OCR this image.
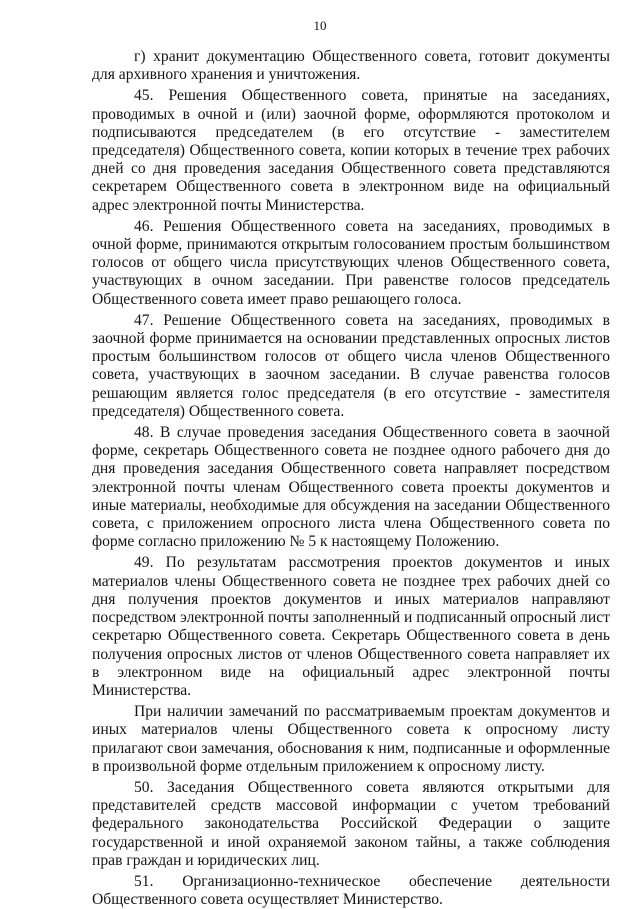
10

г) хранит документацию Общественного совета, готовит документы для архивного хранения и уничтожения.

45. Решения Общественного совета, принятые на заседаниях, проводимых в очной и (или) заочной форме, оформляются протоколом и подписываются председателем (в его отсутствие - заместителем председателя) Общественного совета, копии которых в течение трех рабочих дней со дня проведения заседания Общественного совета представляются секретарем Общественного совета в электронном виде на официальный адрес электронной почты Министерства.

46. Решения Общественного совета на заседаниях, проводимых в очной форме, принимаются открытым голосованием простым большинством голосов от общего числа присутствующих членов Общественного совета, участвующих в очном заседании. При равенстве голосов председатель Общественного совета имеет право решающего голоса.

47. Решение Общественного совета на заседаниях, проводимых в заочной форме принимается на основании представленных опросных листов простым большинством голосов от общего числа членов Общественного совета, участвующих в заочном заседании. В случае равенства голосов решающим является голос председателя (в его отсутствие - заместителя председателя) Общественного совета.

48. В случае проведения заседания Общественного совета в заочной форме, секретарь Общественного совета не позднее одного рабочего дня до дня проведения заседания Общественного совета направляет посредством электронной почты членам Общественного совета проекты документов и иные материалы, необходимые для обсуждения на заседании Общественного совета, с приложением опросного листа члена Общественного совета по форме согласно приложению № 5 к настоящему Положению.

49. По результатам рассмотрения проектов документов и иных материалов члены Общественного совета не позднее трех рабочих дней со дня получения проектов документов и иных материалов направляют посредством электронной почты заполненный и подписанный опросный лист секретарю Общественного совета. Секретарь Общественного совета в день получения опросных листов от членов Общественного совета направляет их в электронном виде на официальный адрес электронной почты Министерства.

При наличии замечаний по рассматриваемым проектам документов и иных материалов члены Общественного совета к опросному листу прилагают свои замечания, обоснования к ним, подписанные и оформленные в произвольной форме отдельным приложением к опросному листу.

50. Заседания Общественного совета являются открытыми для представителей средств массовой информации с учетом требований федерального законодательства Российской Федерации о защите государственной и иной охраняемой законом тайны, а также соблюдения прав граждан и юридических лиц.

51. Организационно-техническое обеспечение деятельности Общественного совета осуществляет Министерство.
